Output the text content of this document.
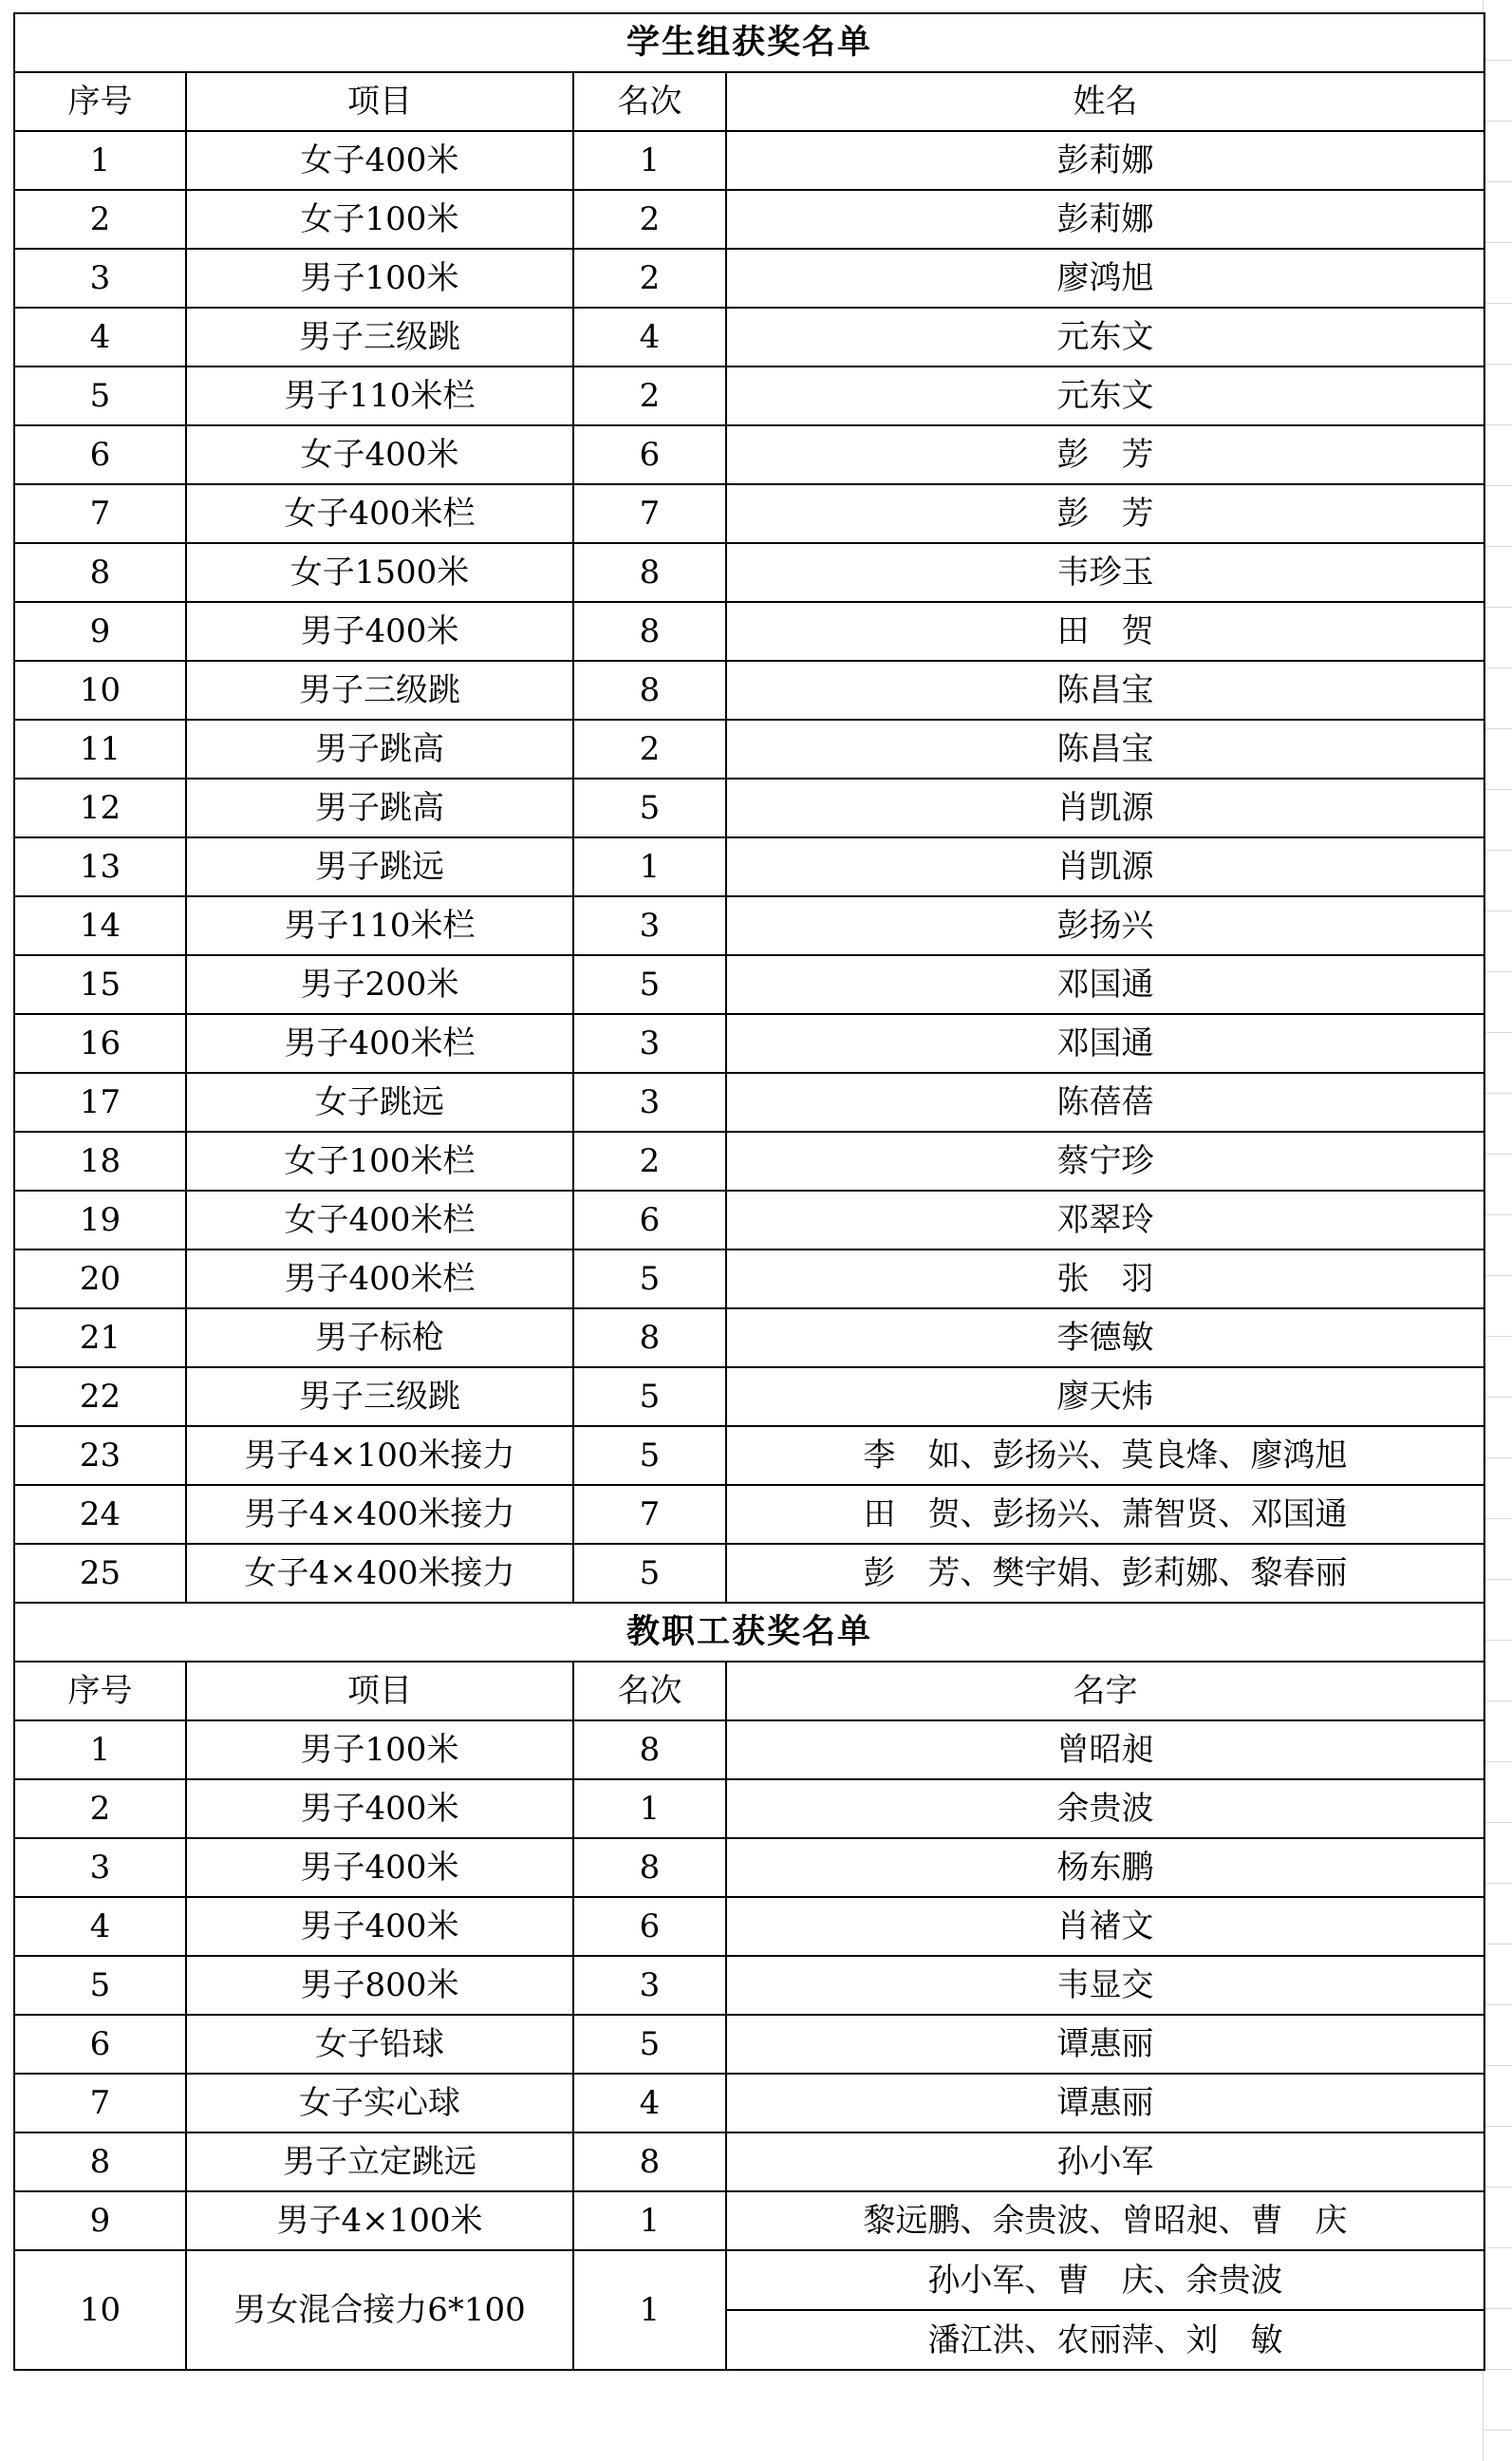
学生组获奖名单			
序号	项目	名次	姓名
1	女子400米	1	彭莉娜
2	女子100米	2	彭莉娜
3	男子100米	2	廖鸿旭
4	男子三级跳	4	元东文
5	男子110米栏	2	元东文
6	女子400米	6	彭　芳
7	女子400米栏	7	彭　芳
8	女子1500米	8	韦珍玉
9	男子400米	8	田　贺
10	男子三级跳	8	陈昌宝
11	男子跳高	2	陈昌宝
12	男子跳高	5	肖凯源
13	男子跳远	1	肖凯源
14	男子110米栏	3	彭扬兴
15	男子200米	5	邓国通
16	男子400米栏	3	邓国通
17	女子跳远	3	陈蓓蓓
18	女子100米栏	2	蔡宁珍
19	女子400米栏	6	邓翠玲
20	男子400米栏	5	张　羽
21	男子标枪	8	李德敏
22	男子三级跳	5	廖天炜
23	男子4×100米接力	5	李　如、彭扬兴、莫良烽、廖鸿旭
24	男子4×400米接力	7	田　贺、彭扬兴、萧智贤、邓国通
25	女子4×400米接力	5	彭　芳、樊宇娟、彭莉娜、黎春丽
教职工获奖名单			
序号	项目	名次	名字
1	男子100米	8	曾昭昶
2	男子400米	1	余贵波
3	男子400米	8	杨东鹏
4	男子400米	6	肖禇文
5	男子800米	3	韦显交
6	女子铅球	5	谭惠丽
7	女子实心球	4	谭惠丽
8	男子立定跳远	8	孙小军
9	男子4×100米	1	黎远鹏、余贵波、曾昭昶、曹　庆
10	男女混合接力6*100	1	孙小军、曹　庆、余贵波
			潘江洪、农丽萍、刘　敏
